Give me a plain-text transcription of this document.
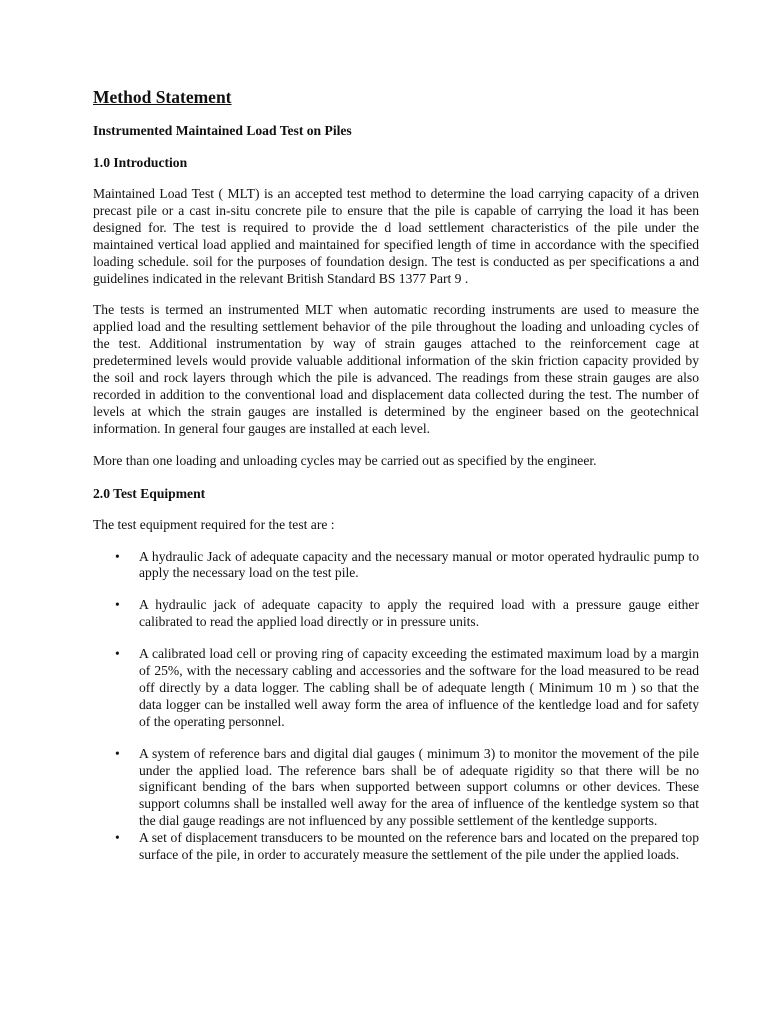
Method Statement
Instrumented Maintained Load Test on Piles
1.0 Introduction

Maintained Load Test ( MLT) is an accepted test method to determine the load carrying capacity of a driven precast pile or a cast in-situ concrete pile to ensure that the pile is capable of carrying the load it has been designed for. The test is required to provide the d load settlement characteristics of the pile under the maintained vertical load applied and maintained for specified length of time in accordance with the specified loading schedule. soil for the purposes of foundation design. The test is conducted as per specifications a and guidelines indicated in the relevant British Standard BS 1377 Part 9 .

The tests is termed an instrumented MLT when automatic recording instruments are used to measure the applied load and the resulting settlement behavior of the pile throughout the loading and unloading cycles of the test. Additional instrumentation by way of strain gauges attached to the reinforcement cage at predetermined levels would provide valuable additional information of the skin friction capacity provided by the soil and rock layers through which the pile is advanced. The readings from these strain gauges are also recorded in addition to the conventional load and displacement data collected during the test. The number of levels at which the strain gauges are installed is determined by the engineer based on the geotechnical information. In general four gauges are installed at each level.

More than one loading and unloading cycles may be carried out as specified by the engineer.

2.0 Test Equipment

The test equipment required for the test are :

• A hydraulic Jack of adequate capacity and the necessary manual or motor operated hydraulic pump to apply the necessary load on the test pile.
• A hydraulic jack of adequate capacity to apply the required load with a pressure gauge either calibrated to read the applied load directly or in pressure units.
• A calibrated load cell or proving ring of capacity exceeding the estimated maximum load by a margin of 25%, with the necessary cabling and accessories and the software for the load measured to be read off directly by a data logger. The cabling shall be of adequate length ( Minimum 10 m ) so that the data logger can be installed well away form the area of influence of the kentledge load and for safety of the operating personnel.
• A system of reference bars and digital dial gauges ( minimum 3) to monitor the movement of the pile under the applied load. The reference bars shall be of adequate rigidity so that there will be no significant bending of the bars when supported between support columns or other devices. These support columns shall be installed well away for the area of influence of the kentledge system so that the dial gauge readings are not influenced by any possible settlement of the kentledge supports.
• A set of displacement transducers to be mounted on the reference bars and located on the prepared top surface of the pile, in order to accurately measure the settlement of the pile under the applied loads.
